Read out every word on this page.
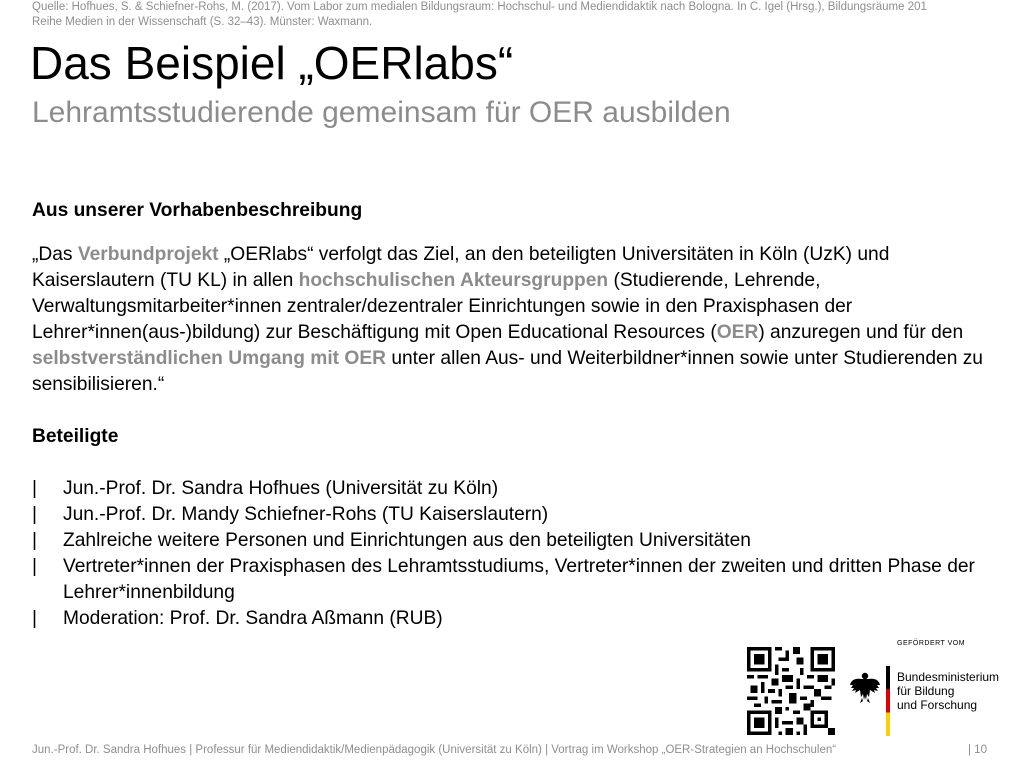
Quelle: Hofhues, S. & Schiefner-Rohs, M. (2017). Vom Labor zum medialen Bildungsraum: Hochschul- und Mediendidaktik nach Bologna. In C. Igel (Hrsg.), Bildungsräume 201
Reihe Medien in der Wissenschaft (S. 32–43). Münster: Waxmann.
Das Beispiel „OERlabs“
Lehramtsstudierende gemeinsam für OER ausbilden

Aus unserer Vorhabenbeschreibung

„Das Verbundprojekt „OERlabs“ verfolgt das Ziel, an den beteiligten Universitäten in Köln (UzK) und Kaiserslautern (TU KL) in allen hochschulischen Akteursgruppen (Studierende, Lehrende, Verwaltungsmitarbeiter*innen zentraler/dezentraler Einrichtungen sowie in den Praxisphasen der Lehrer*innen(aus-)bildung) zur Beschäftigung mit Open Educational Resources (OER) anzuregen und für den selbstverständlichen Umgang mit OER unter allen Aus- und Weiterbildner*innen sowie unter Studierenden zu sensibilisieren.“

Beteiligte

| Jun.-Prof. Dr. Sandra Hofhues (Universität zu Köln)
| Jun.-Prof. Dr. Mandy Schiefner-Rohs (TU Kaiserslautern)
| Zahlreiche weitere Personen und Einrichtungen aus den beteiligten Universitäten
| Vertreter*innen der Praxisphasen des Lehramtsstudiums, Vertreter*innen der zweiten und dritten Phase der Lehrer*innenbildung
| Moderation: Prof. Dr. Sandra Aßmann (RUB)
GEFÖRDERT VOM
Bundesministerium
für Bildung
und Forschung
Jun.-Prof. Dr. Sandra Hofhues | Professur für Mediendidaktik/Medienpädagogik (Universität zu Köln) | Vortrag im Workshop „OER-Strategien an Hochschulen“	| 10
